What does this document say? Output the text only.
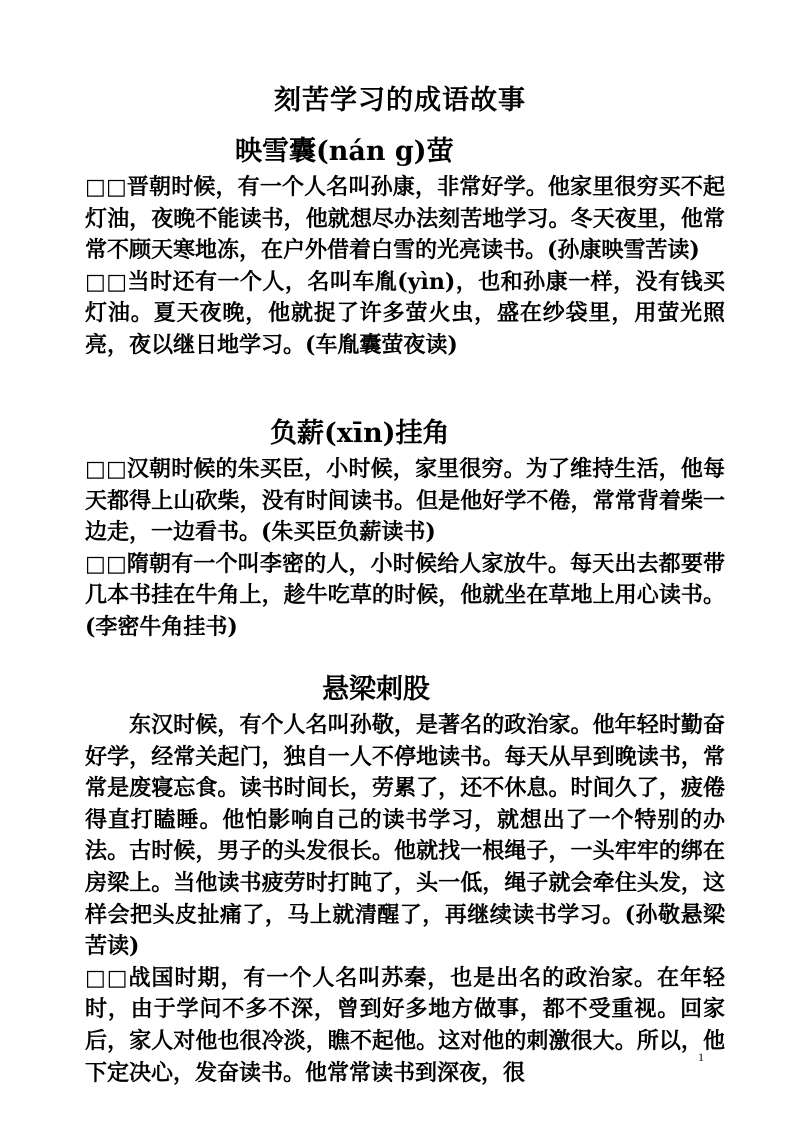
刻苦学习的成语故事
映雪囊(nán g)萤

□□晋朝时候，有一个人名叫孙康，非常好学。他家里很穷买不起灯油，夜晚不能读书，他就想尽办法刻苦地学习。冬天夜里，他常常不顾天寒地冻，在户外借着白雪的光亮读书。(孙康映雪苦读)

□□当时还有一个人，名叫车胤(yìn)，也和孙康一样，没有钱买灯油。夏天夜晚，他就捉了许多萤火虫，盛在纱袋里，用萤光照亮，夜以继日地学习。(车胤囊萤夜读)

负薪(xīn)挂角

□□汉朝时候的朱买臣，小时候，家里很穷。为了维持生活，他每天都得上山砍柴，没有时间读书。但是他好学不倦，常常背着柴一边走，一边看书。(朱买臣负薪读书)

□□隋朝有一个叫李密的人，小时候给人家放牛。每天出去都要带几本书挂在牛角上，趁牛吃草的时候，他就坐在草地上用心读书。(李密牛角挂书)

悬梁刺股

东汉时候，有个人名叫孙敬，是著名的政治家。他年轻时勤奋好学，经常关起门，独自一人不停地读书。每天从早到晚读书，常常是废寝忘食。读书时间长，劳累了，还不休息。时间久了，疲倦得直打瞌睡。他怕影响自己的读书学习，就想出了一个特别的办法。古时候，男子的头发很长。他就找一根绳子，一头牢牢的绑在房梁上。当他读书疲劳时打盹了，头一低，绳子就会牵住头发，这样会把头皮扯痛了，马上就清醒了，再继续读书学习。(孙敬悬梁苦读)

□□战国时期，有一个人名叫苏秦，也是出名的政治家。在年轻时，由于学问不多不深，曾到好多地方做事，都不受重视。回家后，家人对他也很冷淡，瞧不起他。这对他的刺激很大。所以，他下定决心，发奋读书。他常常读书到深夜，很

1
